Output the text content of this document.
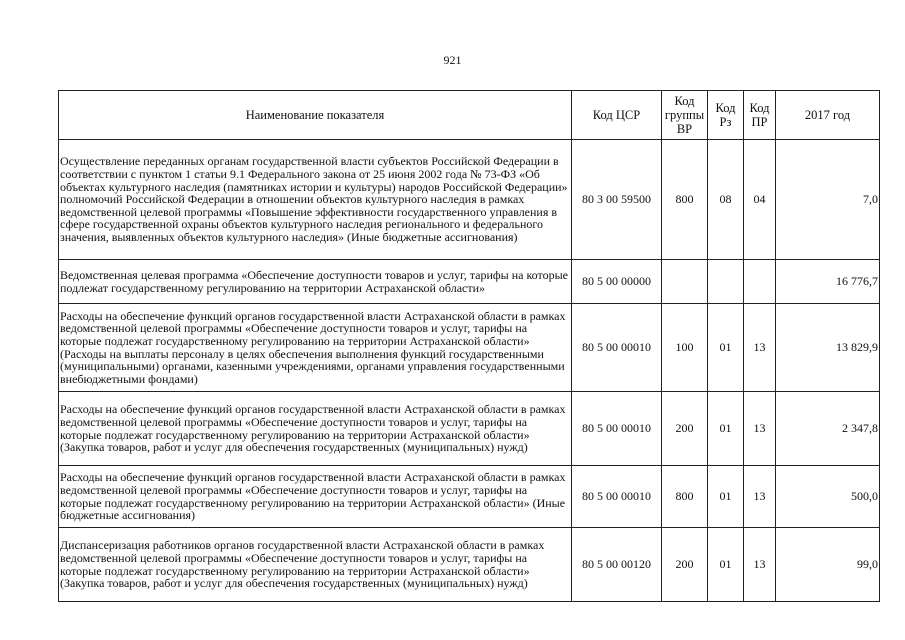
921
Наименование показателя	Код ЦСР	Код группы ВР	Код Рз	Код ПР	2017 год
Осуществление переданных органам государственной власти субъектов Российской Федерации в соответствии с пунктом 1 статьи 9.1 Федерального закона от 25 июня 2002 года № 73-ФЗ «Об объектах культурного наследия (памятниках истории и культуры) народов Российской Федерации» полномочий Российской Федерации в отношении объектов культурного наследия в рамках ведомственной целевой программы «Повышение эффективности государственного управления в сфере государственной охраны объектов культурного наследия регионального и федерального значения, выявленных объектов культурного наследия» (Иные бюджетные ассигнования)	80 3 00 59500	800	08	04	7,0
Ведомственная целевая программа «Обеспечение доступности товаров и услуг, тарифы на которые подлежат государственному регулированию на территории Астраханской области»	80 5 00 00000				16 776,7
Расходы на обеспечение функций органов государственной власти Астраханской области в рамках ведомственной целевой программы «Обеспечение доступности товаров и услуг, тарифы на которые подлежат государственному регулированию на территории Астраханской области» (Расходы на выплаты персоналу в целях обеспечения выполнения функций государственными (муниципальными) органами, казенными учреждениями, органами управления государственными внебюджетными фондами)	80 5 00 00010	100	01	13	13 829,9
Расходы на обеспечение функций органов государственной власти Астраханской области в рамках ведомственной целевой программы «Обеспечение доступности товаров и услуг, тарифы на которые подлежат государственному регулированию на территории Астраханской области» (Закупка товаров, работ и услуг для обеспечения государственных (муниципальных) нужд)	80 5 00 00010	200	01	13	2 347,8
Расходы на обеспечение функций органов государственной власти Астраханской области в рамках ведомственной целевой программы «Обеспечение доступности товаров и услуг, тарифы на которые подлежат государственному регулированию на территории Астраханской области» (Иные бюджетные ассигнования)	80 5 00 00010	800	01	13	500,0
Диспансеризация работников органов государственной власти Астраханской области в рамках ведомственной целевой программы «Обеспечение доступности товаров и услуг, тарифы на которые подлежат государственному регулированию на территории Астраханской области» (Закупка товаров, работ и услуг для обеспечения государственных (муниципальных) нужд)	80 5 00 00120	200	01	13	99,0
